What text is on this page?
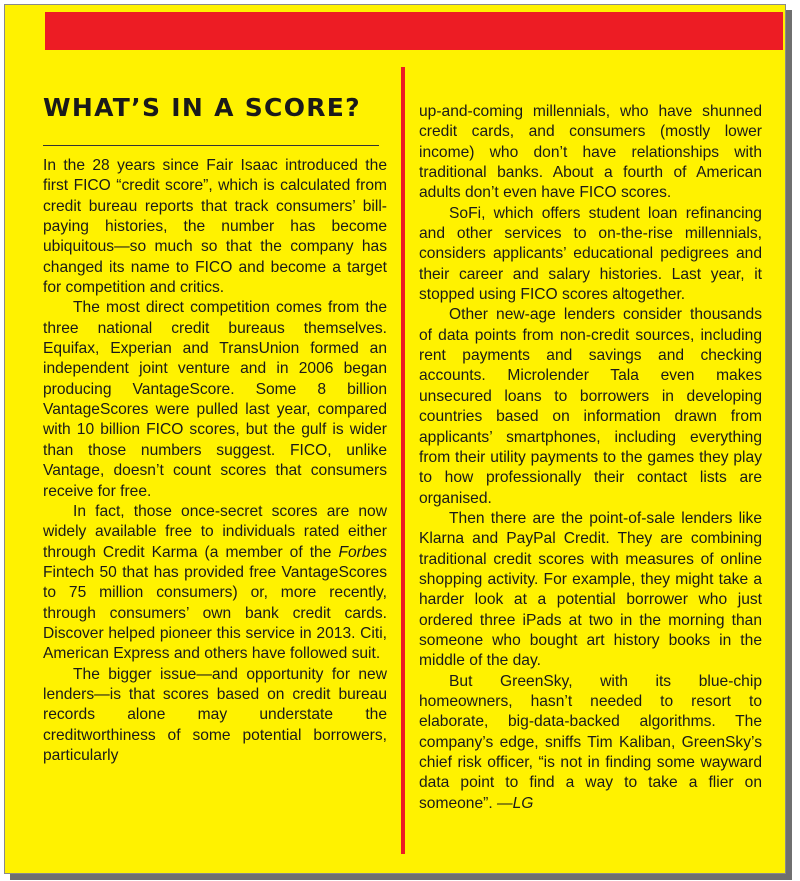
WHAT’S IN A SCORE?

In the 28 years since Fair Isaac introduced the first FICO “credit score”, which is calculated from credit bureau reports that track consumers’ bill-paying histories, the number has become ubiquitous—so much so that the company has changed its name to FICO and become a target for competition and critics.

The most direct competition comes from the three national credit bureaus themselves. Equifax, Experian and TransUnion formed an independent joint venture and in 2006 began producing VantageScore. Some 8 billion VantageScores were pulled last year, compared with 10 billion FICO scores, but the gulf is wider than those numbers suggest. FICO, unlike Vantage, doesn’t count scores that consumers receive for free.

In fact, those once-secret scores are now widely available free to individuals rated either through Credit Karma (a member of the Forbes Fintech 50 that has provided free VantageScores to 75 million consumers) or, more recently, through consumers’ own bank credit cards. Discover helped pioneer this service in 2013. Citi, American Express and others have followed suit.

The bigger issue—and opportunity for new lenders—is that scores based on credit bureau records alone may understate the creditworthiness of some potential borrowers, particularly

up-and-coming millennials, who have shunned credit cards, and consumers (mostly lower income) who don’t have relationships with traditional banks. About a fourth of American adults don’t even have FICO scores.

SoFi, which offers student loan refinancing and other services to on-the-rise millennials, considers applicants’ educational pedigrees and their career and salary histories. Last year, it stopped using FICO scores altogether.

Other new-age lenders consider thousands of data points from non-credit sources, including rent payments and savings and checking accounts. Microlender Tala even makes unsecured loans to borrowers in developing countries based on information drawn from applicants’ smartphones, including everything from their utility payments to the games they play to how professionally their contact lists are organised.

Then there are the point-of-sale lenders like Klarna and PayPal Credit. They are combining traditional credit scores with measures of online shopping activity. For example, they might take a harder look at a potential borrower who just ordered three iPads at two in the morning than someone who bought art history books in the middle of the day.

But GreenSky, with its blue-chip homeowners, hasn’t needed to resort to elaborate, big-data-backed algorithms. The company’s edge, sniffs Tim Kaliban, GreenSky’s chief risk officer, “is not in finding some wayward data point to find a way to take a flier on someone”. —LG
